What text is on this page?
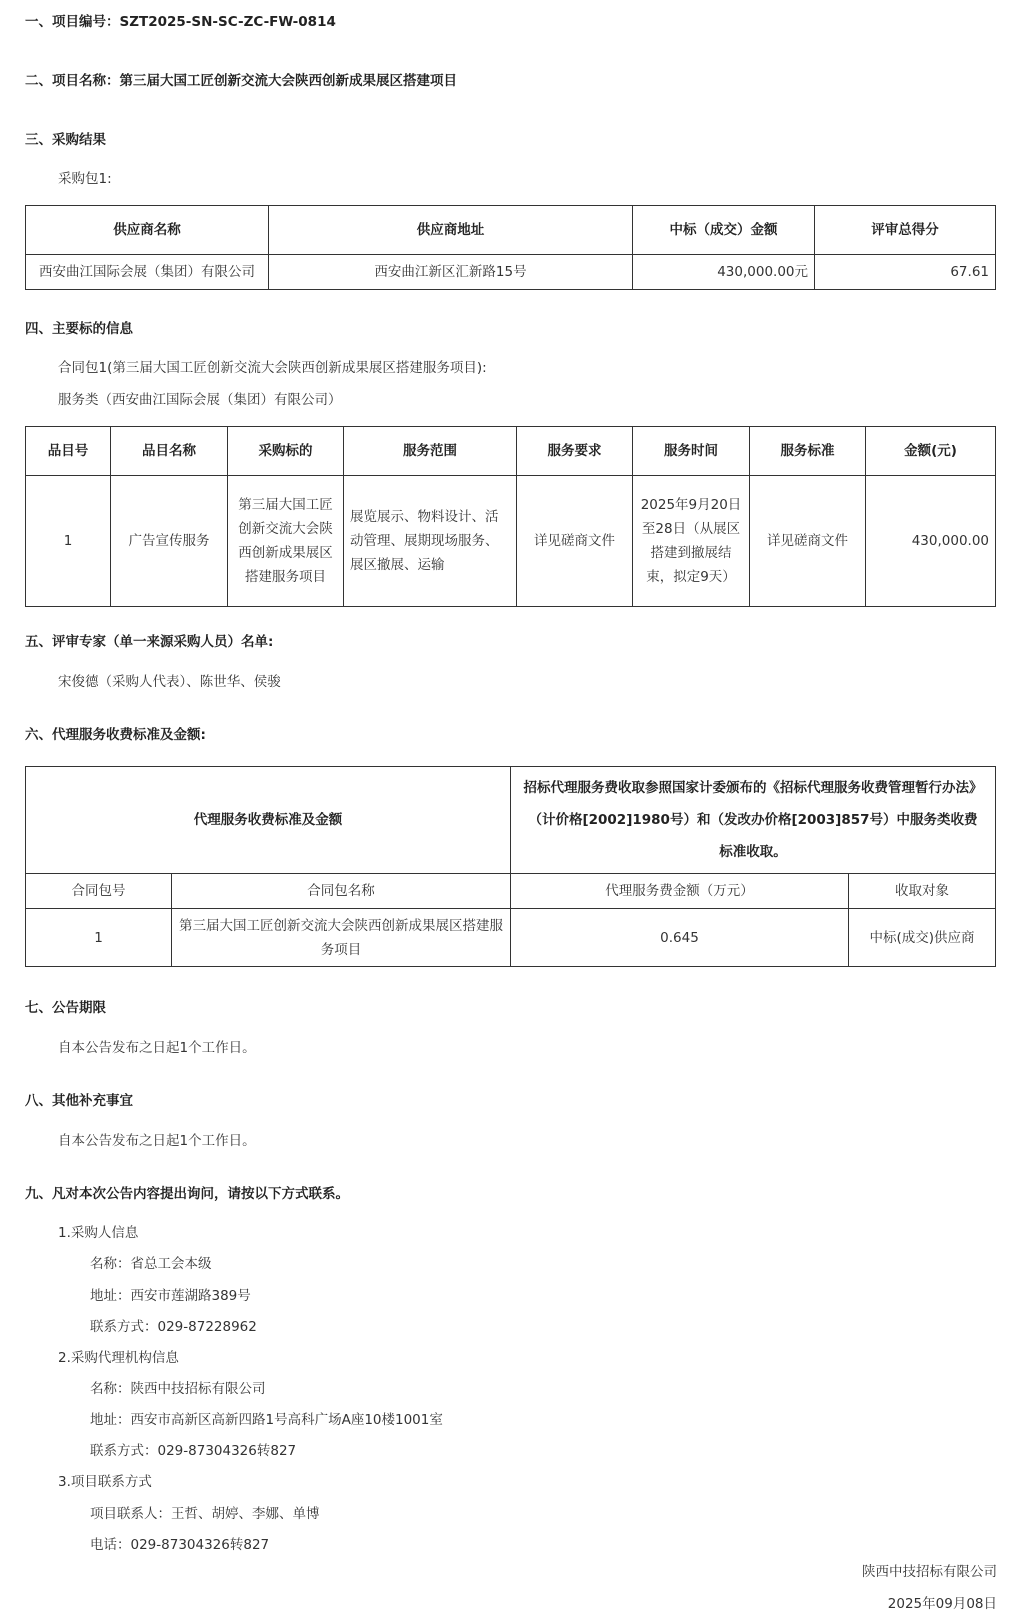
一、项目编号：SZT2025-SN-SC-ZC-FW-0814
二、项目名称：第三届大国工匠创新交流大会陕西创新成果展区搭建项目
三、采购结果
采购包1:
供应商名称	供应商地址	中标（成交）金额	评审总得分
西安曲江国际会展（集团）有限公司	西安曲江新区汇新路15号	430,000.00元	67.61
四、主要标的信息
合同包1(第三届大国工匠创新交流大会陕西创新成果展区搭建服务项目):
服务类（西安曲江国际会展（集团）有限公司）
品目号	品目名称	采购标的	服务范围	服务要求	服务时间	服务标准	金额(元)
1	广告宣传服务	第三届大国工匠创新交流大会陕西创新成果展区搭建服务项目	展览展示、物料设计、活动管理、展期现场服务、展区撤展、运输	详见磋商文件	2025年9月20日至28日（从展区搭建到撤展结束，拟定9天）	详见磋商文件	430,000.00
五、评审专家（单一来源采购人员）名单:
宋俊德（采购人代表）、陈世华、侯骏
六、代理服务收费标准及金额:
代理服务收费标准及金额		招标代理服务费收取参照国家计委颁布的《招标代理服务收费管理暂行办法》（计价格[2002]1980号）和（发改办价格[2003]857号）中服务类收费标准收取。	
合同包号	合同包名称	代理服务费金额（万元）	收取对象
1	第三届大国工匠创新交流大会陕西创新成果展区搭建服务项目	0.645	中标(成交)供应商
七、公告期限
自本公告发布之日起1个工作日。
八、其他补充事宜
自本公告发布之日起1个工作日。
九、凡对本次公告内容提出询问，请按以下方式联系。
1.采购人信息
名称：省总工会本级
地址：西安市莲湖路389号
联系方式：029-87228962
2.采购代理机构信息
名称：陕西中技招标有限公司
地址：西安市高新区高新四路1号高科广场A座10楼1001室
联系方式：029-87304326转827
3.项目联系方式
项目联系人：王哲、胡婷、李娜、单博
电话：029-87304326转827
陕西中技招标有限公司
2025年09月08日
